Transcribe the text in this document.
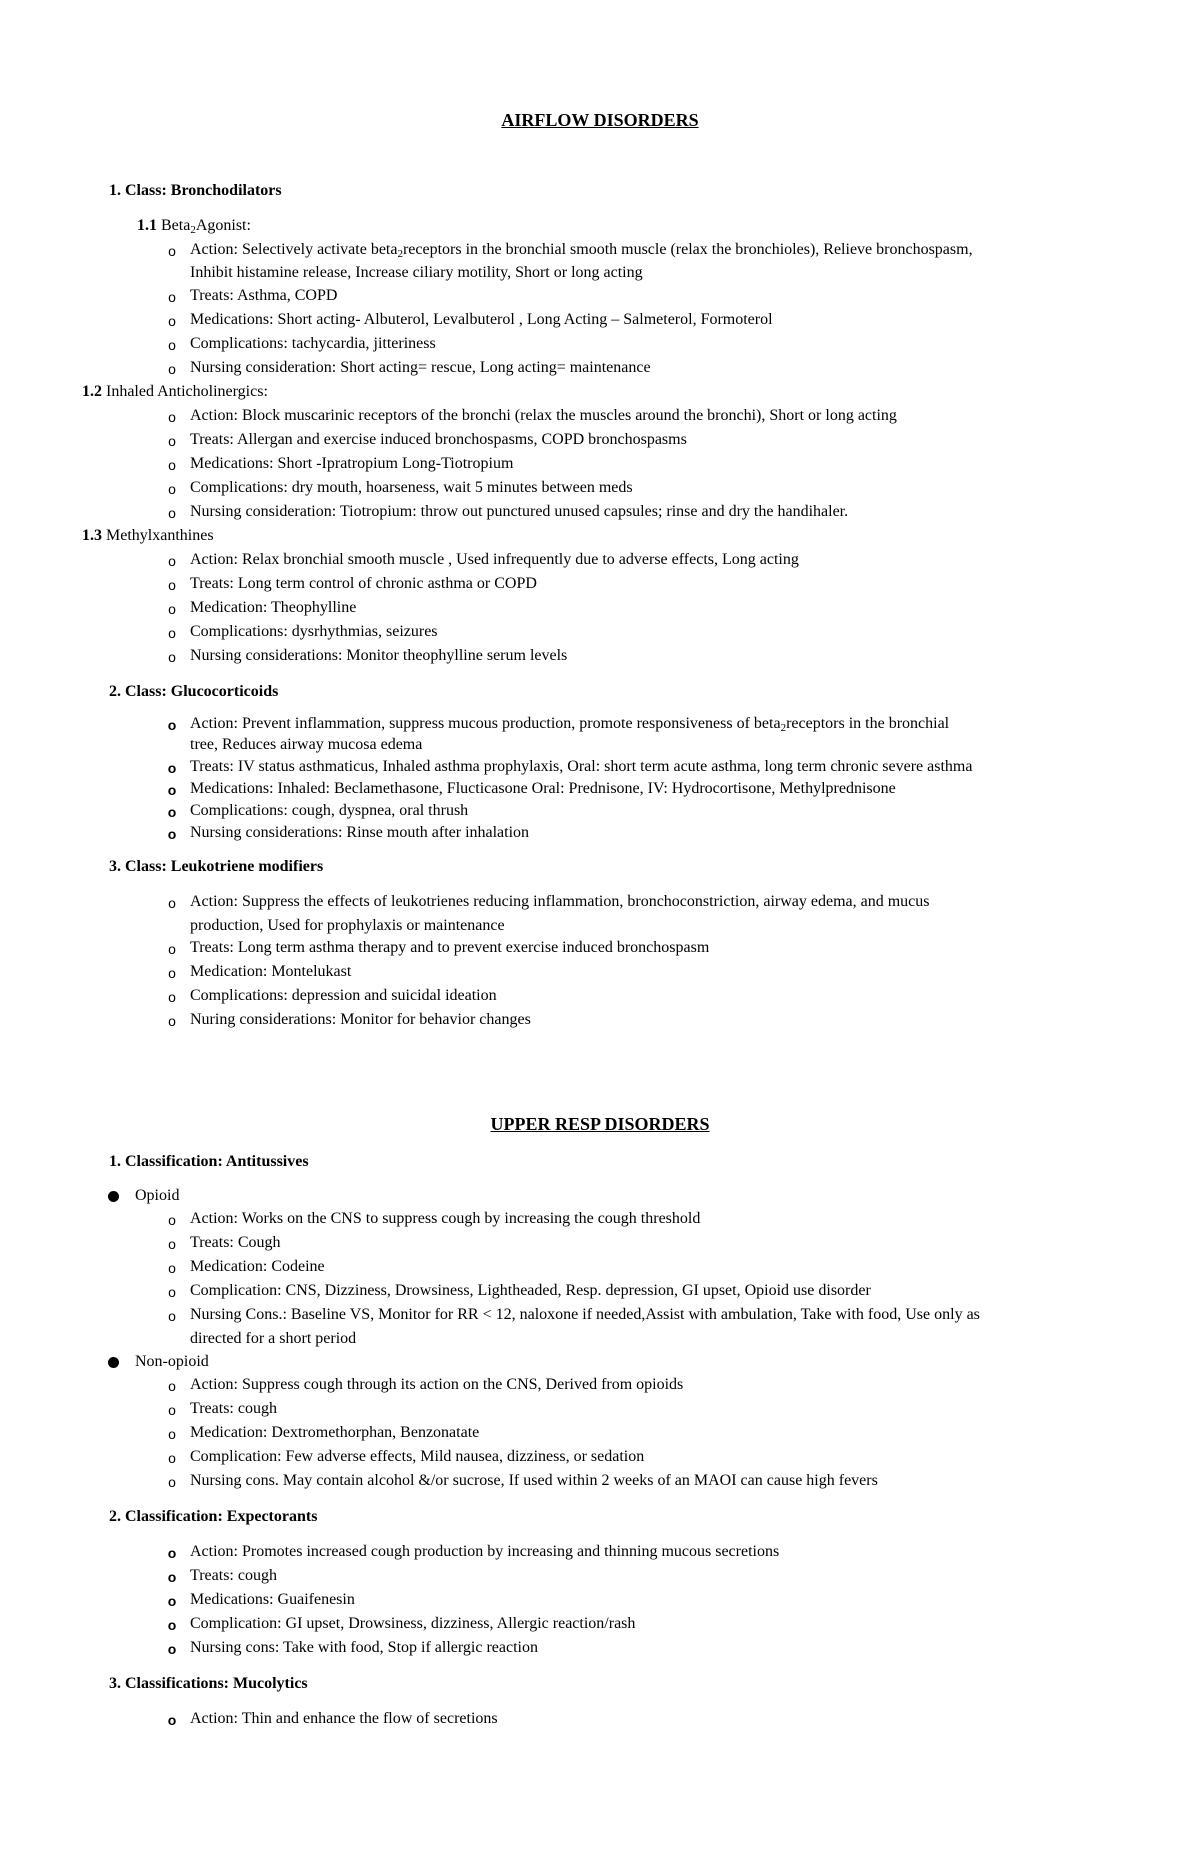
AIRFLOW DISORDERS
1. Class: Bronchodilators
1.1 Beta$_2$Agonist:
o Action: Selectively activate beta$_2$receptors in the bronchial smooth muscle (relax the bronchioles), Relieve bronchospasm,
Inhibit histamine release, Increase ciliary motility, Short or long acting
o Treats: Asthma, COPD
o Medications: Short acting- Albuterol, Levalbuterol , Long Acting – Salmeterol, Formoterol
o Complications: tachycardia, jitteriness
o Nursing consideration: Short acting= rescue, Long acting= maintenance
1.2 Inhaled Anticholinergics:
o Action: Block muscarinic receptors of the bronchi (relax the muscles around the bronchi), Short or long acting
o Treats: Allergan and exercise induced bronchospasms, COPD bronchospasms
o Medications: Short -Ipratropium Long-Tiotropium
o Complications: dry mouth, hoarseness, wait 5 minutes between meds
o Nursing consideration: Tiotropium: throw out punctured unused capsules; rinse and dry the handihaler.
1.3 Methylxanthines
o Action: Relax bronchial smooth muscle , Used infrequently due to adverse effects, Long acting
o Treats: Long term control of chronic asthma or COPD
o Medication: Theophylline
o Complications: dysrhythmias, seizures
o Nursing considerations: Monitor theophylline serum levels
2. Class: Glucocorticoids
o Action: Prevent inflammation, suppress mucous production, promote responsiveness of beta$_2$receptors in the bronchial
tree, Reduces airway mucosa edema
o Treats: IV status asthmaticus, Inhaled asthma prophylaxis, Oral: short term acute asthma, long term chronic severe asthma
o Medications: Inhaled: Beclamethasone, Flucticasone Oral: Prednisone, IV: Hydrocortisone, Methylprednisone
o Complications: cough, dyspnea, oral thrush
o Nursing considerations: Rinse mouth after inhalation
3. Class: Leukotriene modifiers
o Action: Suppress the effects of leukotrienes reducing inflammation, bronchoconstriction, airway edema, and mucus
production, Used for prophylaxis or maintenance
o Treats: Long term asthma therapy and to prevent exercise induced bronchospasm
o Medication: Montelukast
o Complications: depression and suicidal ideation
o Nuring considerations: Monitor for behavior changes
UPPER RESP DISORDERS
1. Classification: Antitussives
Opioid
o Action: Works on the CNS to suppress cough by increasing the cough threshold
o Treats: Cough
o Medication: Codeine
o Complication: CNS, Dizziness, Drowsiness, Lightheaded, Resp. depression, GI upset, Opioid use disorder
o Nursing Cons.: Baseline VS, Monitor for RR < 12, naloxone if needed,Assist with ambulation, Take with food, Use only as
directed for a short period
Non-opioid
o Action: Suppress cough through its action on the CNS, Derived from opioids
o Treats: cough
o Medication: Dextromethorphan, Benzonatate
o Complication: Few adverse effects, Mild nausea, dizziness, or sedation
o Nursing cons. May contain alcohol &/or sucrose, If used within 2 weeks of an MAOI can cause high fevers
2. Classification: Expectorants
o Action: Promotes increased cough production by increasing and thinning mucous secretions
o Treats: cough
o Medications: Guaifenesin
o Complication: GI upset, Drowsiness, dizziness, Allergic reaction/rash
o Nursing cons: Take with food, Stop if allergic reaction
3. Classifications: Mucolytics
o Action: Thin and enhance the flow of secretions
